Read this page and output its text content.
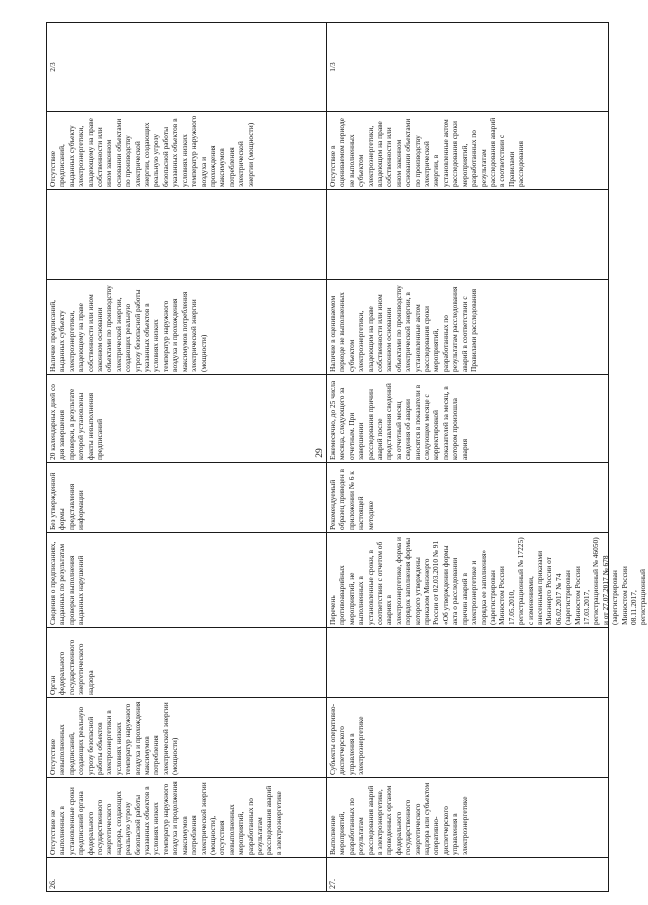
29
26.
Отсутствие не выполненных в установленные сроки предписаний органа федерального государственного энергетического надзора, создающих реальную угрозу безопасной работы указанных объектов в условиях низких температур наружного воздуха и продолжения максимумов потребления электрической энергии (мощности), отсутствия невыполненных мероприятий, разработанных по результатам расследования аварий в электроэнергетике
Отсутствие невыполненных предписаний, создающих реальную угрозу безопасной работы объектов электроэнергетики в условиях низких температур наружного воздуха и прохождения максимумов потребления электрической энергии (мощности)
Орган федерального государственного энергетического надзора
Сведения о предписаниях, выданных по результатам проверки выполнения выданных нарушений
Без утвержденной формы представления информации
20 календарных дней со дня завершения проверки, в результате которой установлены факты невыполнения предписаний
Наличие предписаний, выданных субъекту электроэнергетики, владеющему на праве собственности или ином законном основании объектами по производству электрической энергии, создающих реальную угрозу безопасной работы указанных объектов в условиях низких температур наружного воздуха и прохождения максимумов потребления электрической энергии (мощности)
Отсутствие предписаний, выданных субъекту электроэнергетики, владеющему на праве собственности или ином законном основании объектами по производству электрической энергии, создающих реальную угрозу безопасной работы указанных объектов в условиях низких температур наружного воздуха и прохождения максимумов потребления электрической энергии (мощности)
2/3
27.
Выполнение мероприятий, разработанных по результатам расследования аварий в электроэнергетике, проведенных органом федерального государственного энергетического надзора или субъектом оперативно-диспетчерского управления в электроэнергетике
Субъекты оперативно-диспетчерского управления в электроэнергетике
Перечень противоаварийных мероприятий, не выполненных в установленные сроки, в соответствии с отчетом об авариях в электроэнергетике, форма и порядок заполнения формы которого утверждены приказом Минэнерго России от 02.03.2010 № 91 «Об утверждении формы акта о расследовании причин аварий в электроэнергетике и порядка ее заполнения» (зарегистрирован Минюстом России 17.05.2010, регистрационный № 17225) с изменениями, внесенными приказами Минэнерго России от 06.02.2017 № 74 (зарегистрирован Минюстом России 17.03.2017, регистрационный № 46050) и от 27.07.2017 № 678 (зарегистрирован Минюстом России 08.11.2017, регистрационный
Рекомендуемый образец приведен в приложении № 6 к настоящей методике
Ежемесячно, до 25 числа месяца, следующего за отчетным. При завершении расследования причин аварий после представления сведений за отчетный месяц сведения об аварии вносятся в показатели в следующем месяце с корректировкой показателей за месяц, в котором произошла авария
Наличие в оцениваемом периоде не выполненных субъектом электроэнергетики, владеющим на праве собственности или ином законном основании объектами по производству электрической энергии, в установленные актом расследования сроки мероприятий, разработанных по результатам расследования аварий в соответствии с Правилами расследования
Отсутствие в оцениваемом периоде не выполненных субъектом электроэнергетики, владеющим на праве собственности или ином законном основании объектами по производству электрической энергии, в установленные актом расследования сроки мероприятий, разработанных по результатам расследования аварий в соответствии с Правилами расследования
1/3
